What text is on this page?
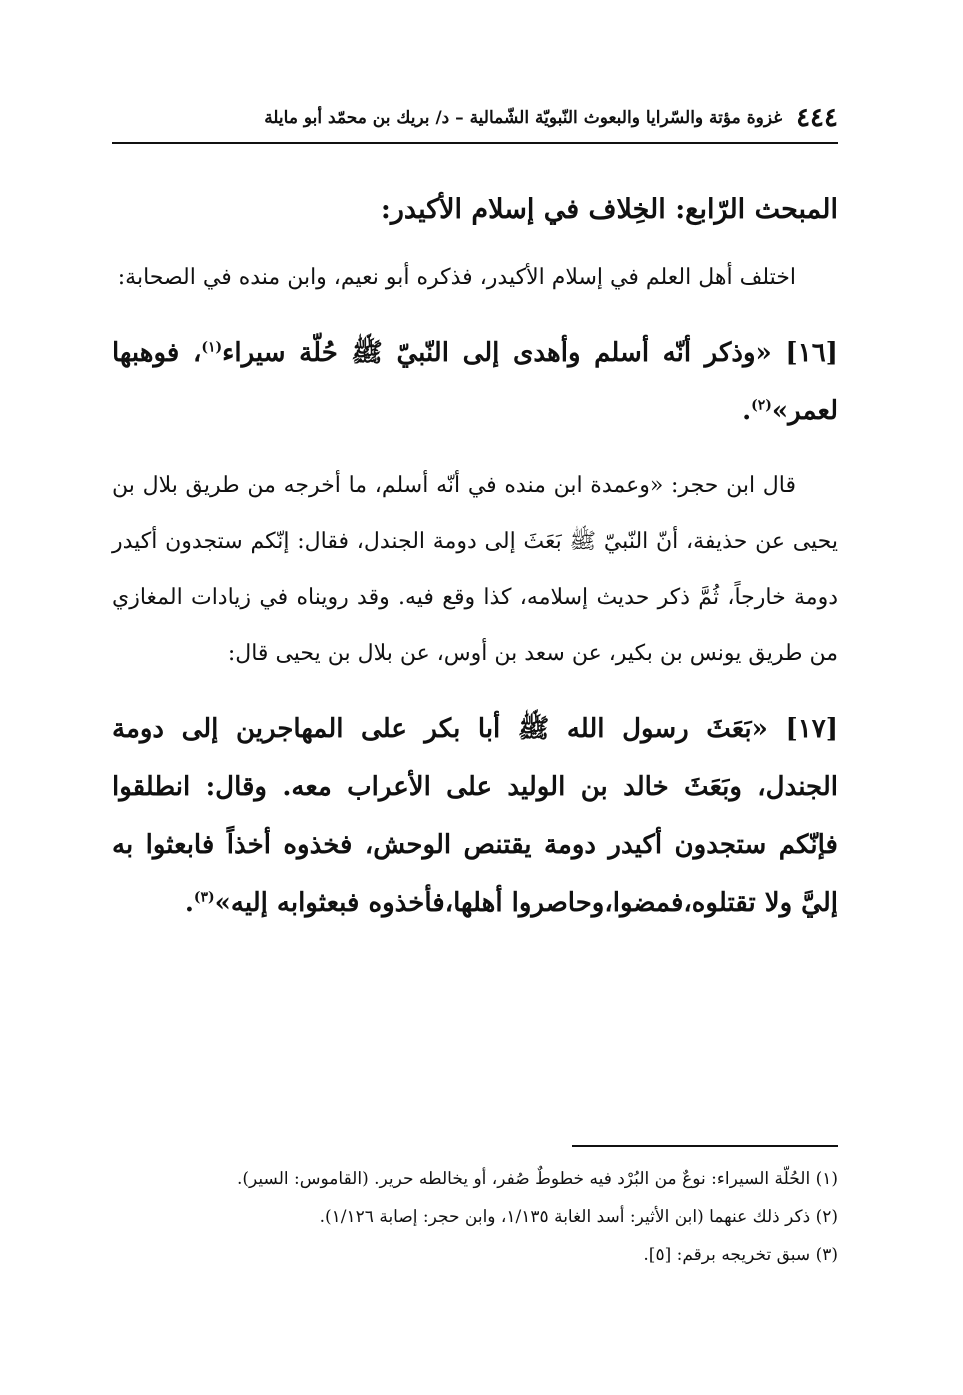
٤٤٤
غزوة مؤتة والسّرايا والبعوث النّبويّة الشّمالية – د/ بريك بن محمّد أبو مايلة
المبحث الرّابع: الخِلاف في إسلام الأكيدر:

اختلف أهل العلم في إسلام الأكيدر، فذكره أبو نعيم، وابن منده في الصحابة:

[١٦] «وذكر أنّه أسلم وأهدى إلى النّبيّ ﷺ حُلّة سيراء$^{(١)}$، فوهبها لعمر»$^{(٢)}$.

قال ابن حجر: «وعمدة ابن منده في أنّه أسلم، ما أخرجه من طريق بلال بن يحيى عن حذيفة، أنّ النّبيّ ﷺ بَعَثَ إلى دومة الجندل، فقال: إنّكم ستجدون أكيدر دومة خارجاً، ثُمَّ ذكر حديث إسلامه، كذا وقع فيه. وقد رويناه في زيادات المغازي من طريق يونس بن بكير، عن سعد بن أوس، عن بلال بن يحيى قال:

[١٧] «بَعَثَ رسول الله ﷺ أبا بكر على المهاجرين إلى دومة الجندل، وبَعَثَ خالد بن الوليد على الأعراب معه. وقال: انطلقوا فإنّكم ستجدون أكيدر دومة يقتنص الوحش، فخذوه أخذاً فابعثوا به إليَّ ولا تقتلوه،فمضوا،وحاصروا أهلها،فأخذوه فبعثوابه إليه»$^{(٣)}$.

(١) الحُلّة السيراء: نوعٌ من البُرْد فيه خطوطٌ صُفر، أو يخالطه حرير. (القاموس: السير).
(٢) ذكر ذلك عنهما (ابن الأثير: أسد الغابة ١/١٣٥، وابن حجر: إصابة ١/١٢٦).
(٣) سبق تخريجه برقم: [٥].
